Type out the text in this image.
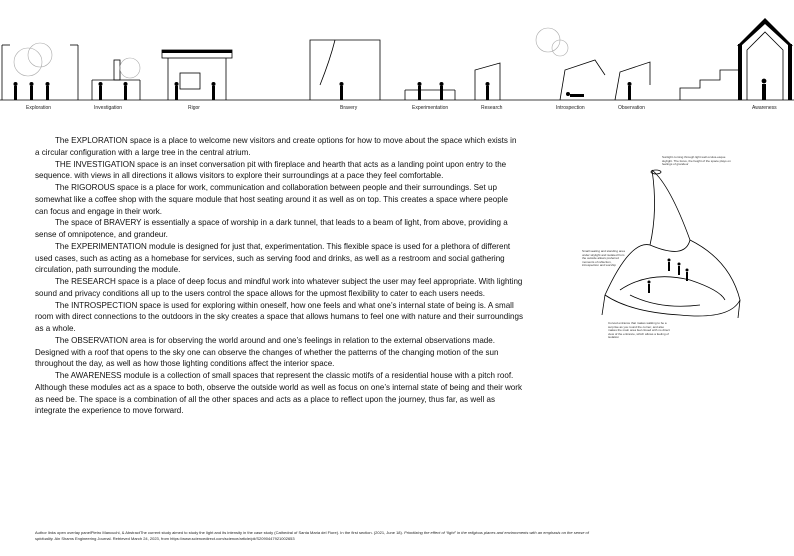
Exploration	Investigation	Rigor	Bravery	Experimentation	Research	Introspection	Observation	Awareness

The EXPLORATION space is a place to welcome new visitors and create options for how to move about the space which exists in a circular configuration with a large tree in the central atrium.

THE INVESTIGATION space is an inset conversation pit with fireplace and hearth that acts as a landing point upon entry to the sequence. with views in all directions it allows visitors to explore their surroundings at a pace they feel comfortable.

The RIGOROUS space is a place for work, communication and collaboration between people and their surroundings. Set up somewhat like a coffee shop with the square module that host seating around it as well as on top. This creates a space where people can focus and engage in their work.

The space of BRAVERY is essentially a space of worship in a dark tunnel, that leads to a beam of light, from above, providing a sense of omnipotence, and grandeur.

The EXPERIMENTATION module is designed for just that, experimentation. This flexible space is used for a plethora of different used cases, such as acting as a homebase for services, such as serving food and drinks, as well as a restroom and social gathering circulation, path surrounding the module.

The RESEARCH space is a place of deep focus and mindful work into whatever subject the user may feel appropriate. With lighting sound and privacy conditions all up to the users control the space allows for the upmost flexibility to cater to each users needs.

The INTROSPECTION space is used for exploring within oneself, how one feels and what one’s internal state of being is. A small room with direct connections to the outdoors in the sky creates a space that allows humans to feel one with nature and their surroundings as a whole.

The OBSERVATION area is for observing the world around and one’s feelings in relation to the external observations made. Designed with a roof that opens to the sky one can observe the changes of whether the patterns of the changing motion of the sun throughout the day, as well as how those lighting conditions affect the interior space.

The AWARENESS module is a collection of small spaces that represent the classic motifs of a residential house with a pitch roof. Although these modules act as a space to both, observe the outside world as well as focus on one’s internal state of being and their work as need be. The space is a combination of all the other spaces and acts as a place to reflect upon the journey, thus far, as well as integrate the experience to move forward.

Sunlight coming through light well oculus-esque skylight. The focus, the height of the space plays on feelings of grandeur
Small seating and standing area under skylight and isolated from the outside allows preferred moments of reflection, introspection and worship
Curved entrance that makes walking to be a surprise as you round the corner, and also makes the main area feel closed with no direct view of the entrance, which allows a feeling of isolation
Author links open overlay panelPietro Mancuchi, & AbstractThe current study aimed to study the light and its intensity in the case study (Cathedral of Santa Maria del Fiore). In the first section. (2021, June 18). Prioritizing the effect of “light” in the religious places and environments with an emphasis on the sense of
spirituality. Ain Shams Engineering Journal. Retrieved March 24, 2023, from https://www.sciencedirect.com/science/article/pii/S2090447921002653
